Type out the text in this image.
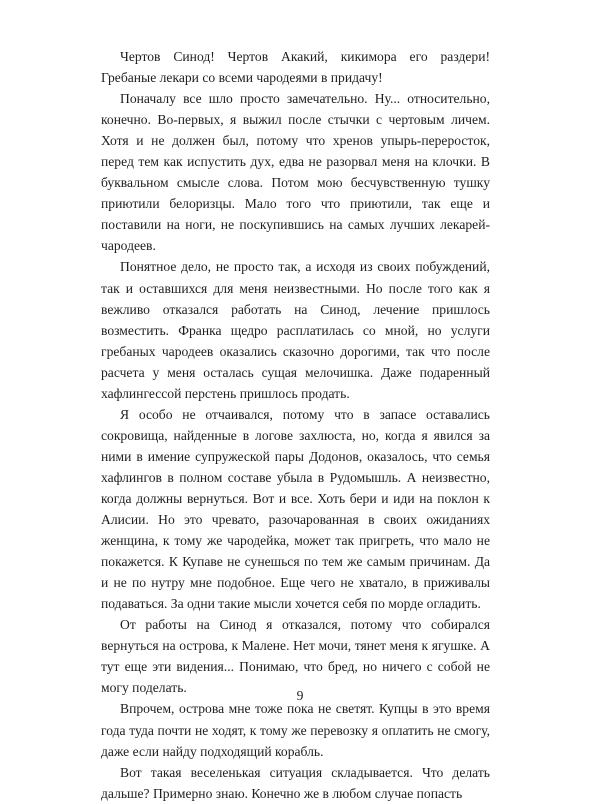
Чертов Синод! Чертов Акакий, кикимора его раздери! Гребаные лекари со всеми чародеями в придачу!

Поначалу все шло просто замечательно. Ну... относительно, конечно. Во-первых, я выжил после стычки с чертовым личем. Хотя и не должен был, потому что хренов упырь-переросток, перед тем как испустить дух, едва не разорвал меня на клочки. В буквальном смысле слова. Потом мою бесчувственную тушку приютили белоризцы. Мало того что приютили, так еще и поставили на ноги, не поскупившись на самых лучших лекарей-чародеев.

Понятное дело, не просто так, а исходя из своих побуждений, так и оставшихся для меня неизвестными. Но после того как я вежливо отказался работать на Синод, лечение пришлось возместить. Франка щедро расплатилась со мной, но услуги гребаных чародеев оказались сказочно дорогими, так что после расчета у меня осталась сущая мелочишка. Даже подаренный хафлингессой перстень пришлось продать.

Я особо не отчаивался, потому что в запасе оставались сокровища, найденные в логове захлюста, но, когда я явился за ними в имение супружеской пары Додонов, оказалось, что семья хафлингов в полном составе убыла в Рудомышль. А неизвестно, когда должны вернуться. Вот и все. Хоть бери и иди на поклон к Алисии. Но это чревато, разочарованная в своих ожиданиях женщина, к тому же чародейка, может так пригреть, что мало не покажется. К Купаве не сунешься по тем же самым причинам. Да и не по нутру мне подобное. Еще чего не хватало, в приживалы подаваться. За одни такие мысли хочется себя по морде огладить.

От работы на Синод я отказался, потому что собирался вернуться на острова, к Малене. Нет мочи, тянет меня к ягушке. А тут еще эти видения... Понимаю, что бред, но ничего с собой не могу поделать.

Впрочем, острова мне тоже пока не светят. Купцы в это время года туда почти не ходят, к тому же перевозку я оплатить не смогу, даже если найду подходящий корабль.

Вот такая веселенькая ситуация складывается. Что делать дальше? Примерно знаю. Конечно же в любом случае попасть

9
